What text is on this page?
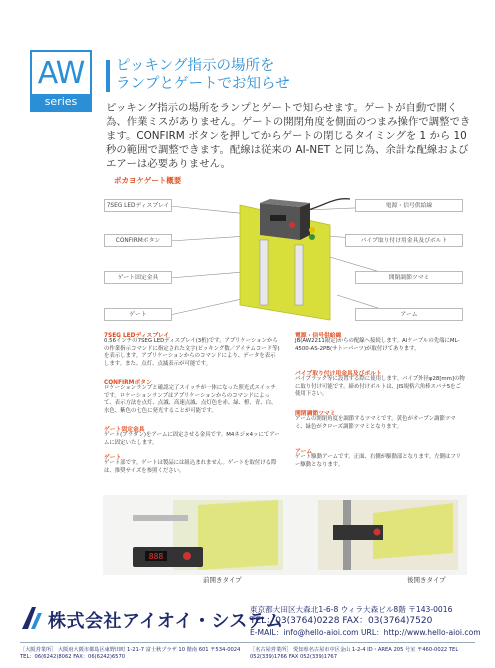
AW
series
ピッキング指示の場所を
ランプとゲートでお知らせ
ピッキング指示の場所をランプとゲートで知らせます。ゲートが自動で開く為、作業ミスがありません。ゲートの開閉角度を側面のつまみ操作で調整できます。CONFIRM ボタンを押してからゲートの閉じるタイミングを 1 から 10 秒の範囲で調整できます。配線は従来の AI-NET と同じ為、余計な配線およびエアーは必要ありません。
ポカヨケゲート概要
7SEG LEDディスプレイ
CONFIRMボタン
ゲート固定金具
ゲート
電源・信号供給線
パイプ取り付け用金具及びボルト
開閉調節ツマミ
アーム
7SEG LEDディスプレイ
0.56インチの7SEG LEDディスプレイ(3桁)です。アプリケーションからの作業指示コマンドに指定された文字(ピッキング数／アイテムコード等)を表示します。アプリケーションからのコマンドにより、データを表示します。また、点灯、点滅表示が可能です。
CONFIRMボタン
ロケーションランプと確認完了スイッチが一体になった照光式スイッチです。ロケーションランプはアプリケーションからのコマンドによって、表示方法を点灯、点滅、高速点滅、点灯色を赤、緑、橙、青、白、水色、紫色の七色に発光することが可能です。
ゲート固定金具
ゲート(プラダン)をアームに固定させる金具です。M4ネジ×4ッにてアームに固定いたします。
ゲート
ゲート部です。ゲートは製品には組込まれません。ゲートを取付ける際は、推奨サイズを参照ください。
電源・信号供給線
JB(AW2211限定)からの配線へ接続します。AIケーブルの先端にML-4500-AS-2PB(サトーパーツ)が取付けてあります。
パイプ取り付け用金具及びボルト
パイプラック等に設置する際に使用します。パイプ外径φ28[mm]の物に取り付け可能です。締め付けボルトは、JIS規格六角棒スパナ5をご使用下さい。
開閉調節ツマミ
アームの開閉角度を調節するツマミです。黄色がオープン調節ツマミ、緑色がクローズ調節ツマミとなります。
アーム
ゲート駆動アームです。正面、右側が駆動部となります。左側はフリー駆動となります。
888
前開きタイプ	後開きタイプ
株式会社アイオイ・システム
東京都大田区大森北1-6-8 ウィラ大森ビル8階 〒143-0016
TEL：03(3764)0228 FAX：03(3764)7520
E-MAIL：info@hello-aioi.com URL：http://www.hello-aioi.com
［大阪営業所］ 大阪府大阪市都島区東野田町 1-21-7 富士秋プラザ 10 階南 601 〒534-0024 TEL：06(6242)8062 FAX：06(6242)6570
［名古屋営業所］ 愛知県名古屋市中区金山 1-2-4 ID・AREA 205 号室 〒460-0022 TEL 052(339)1766 FAX 052(339)1767
